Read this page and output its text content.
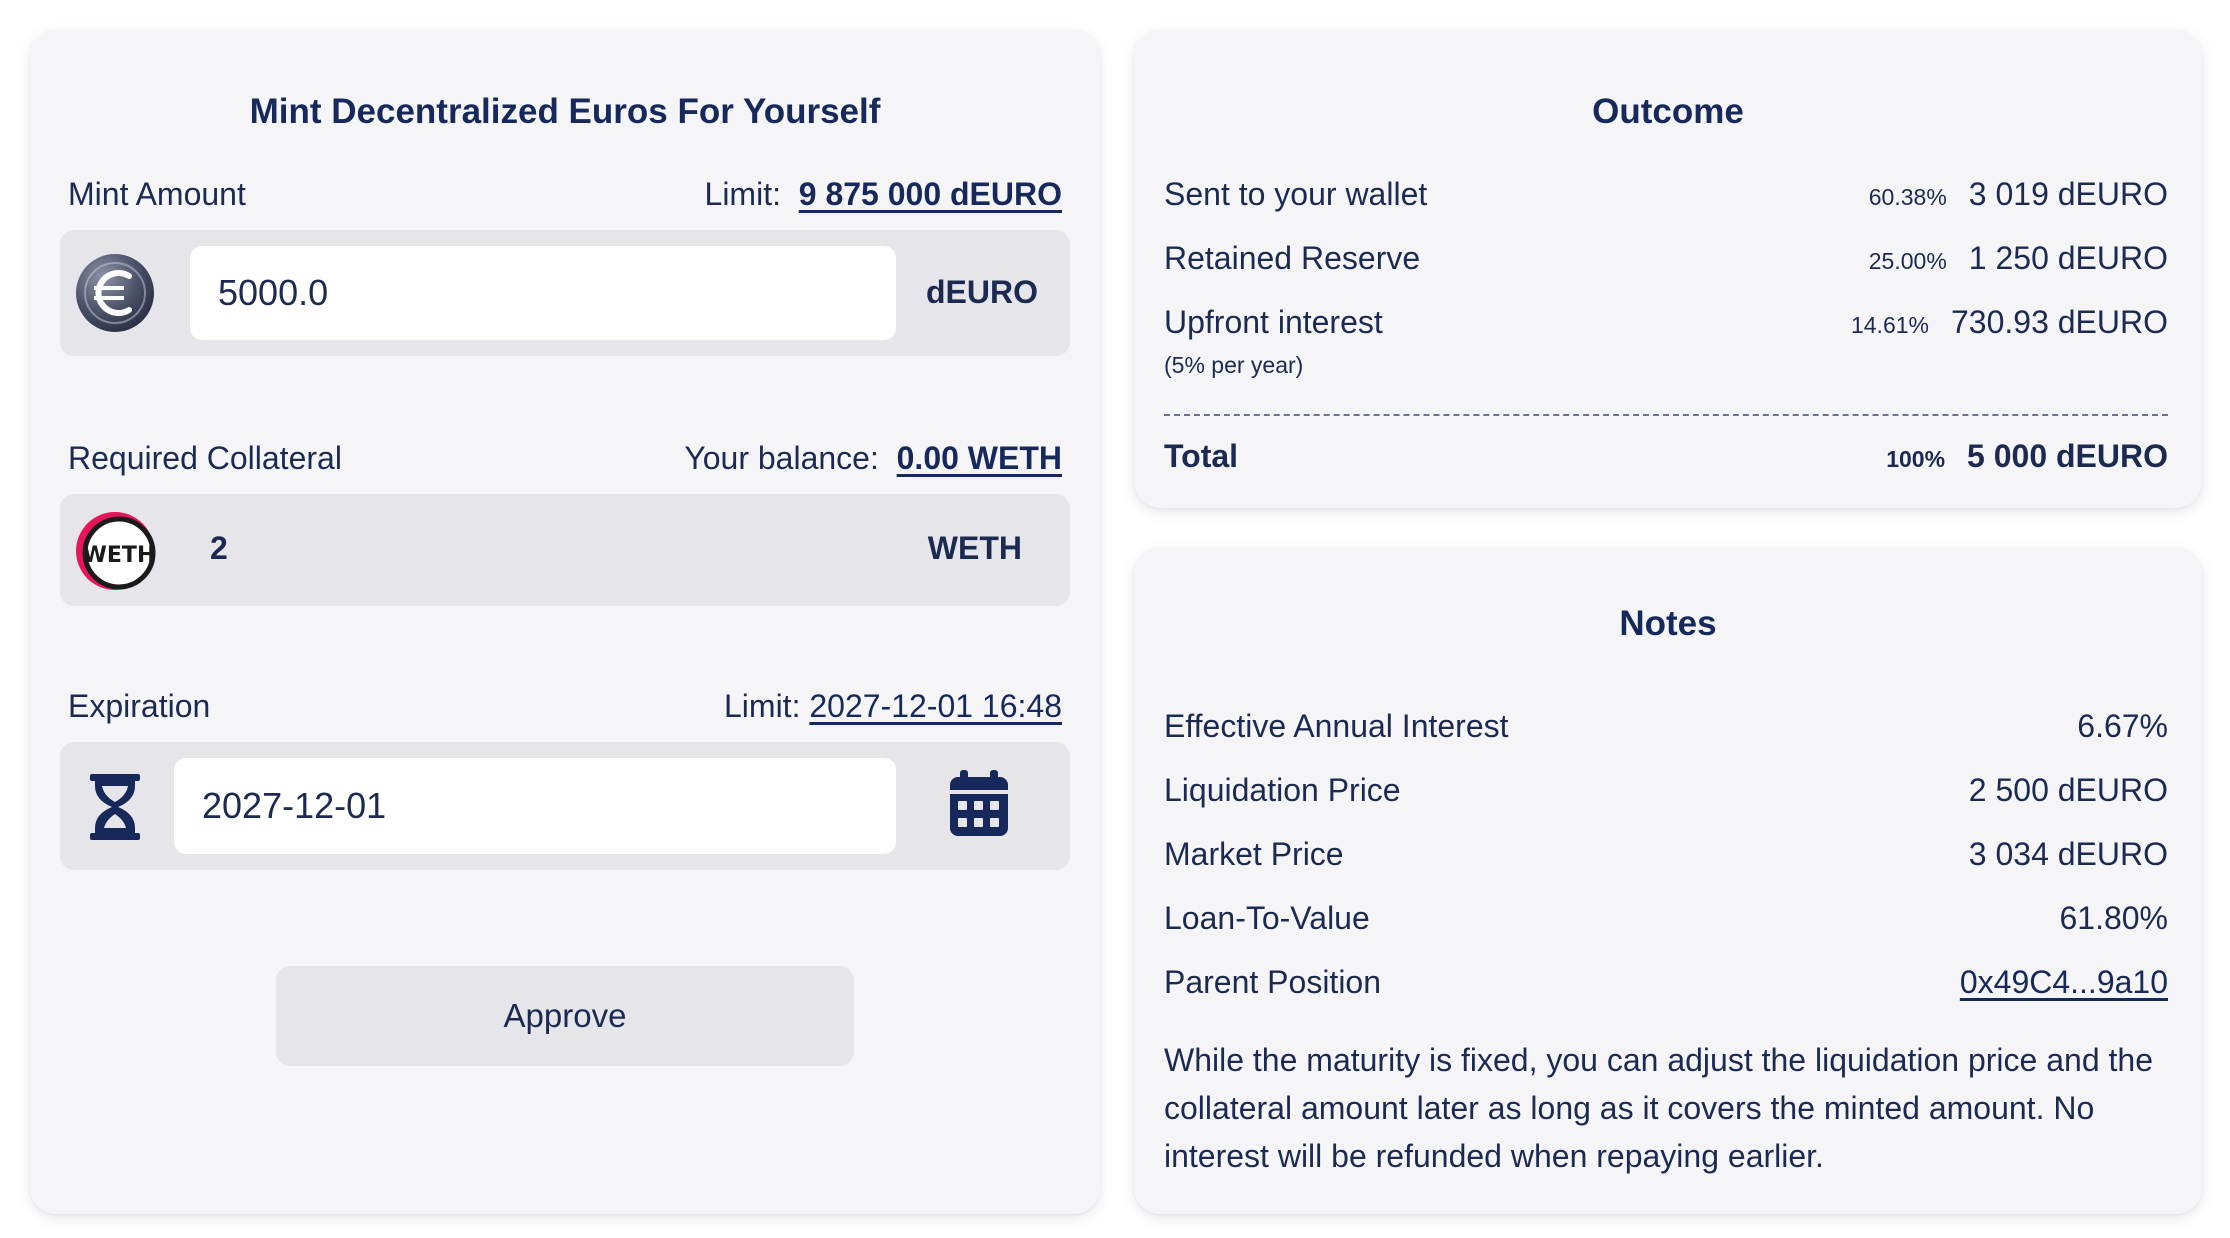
Mint Decentralized Euros For Yourself
Mint Amount	Limit: 9 875 000 dEURO
5000.0	dEURO
Required Collateral	Your balance: 0.00 WETH
WETH 2	WETH
Expiration	Limit: 2027-12-01 16:48
2027-12-01
Approve
Outcome
Sent to your wallet	60.38% 3 019 dEURO
Retained Reserve	25.00% 1 250 dEURO
Upfront interest	14.61% 730.93 dEURO
(5% per year)
Total	100% 5 000 dEURO
Notes
Effective Annual Interest	6.67%
Liquidation Price	2 500 dEURO
Market Price	3 034 dEURO
Loan-To-Value	61.80%
Parent Position	0x49C4...9a10
While the maturity is fixed, you can adjust the liquidation price and the collateral amount later as long as it covers the minted amount. No interest will be refunded when repaying earlier.
